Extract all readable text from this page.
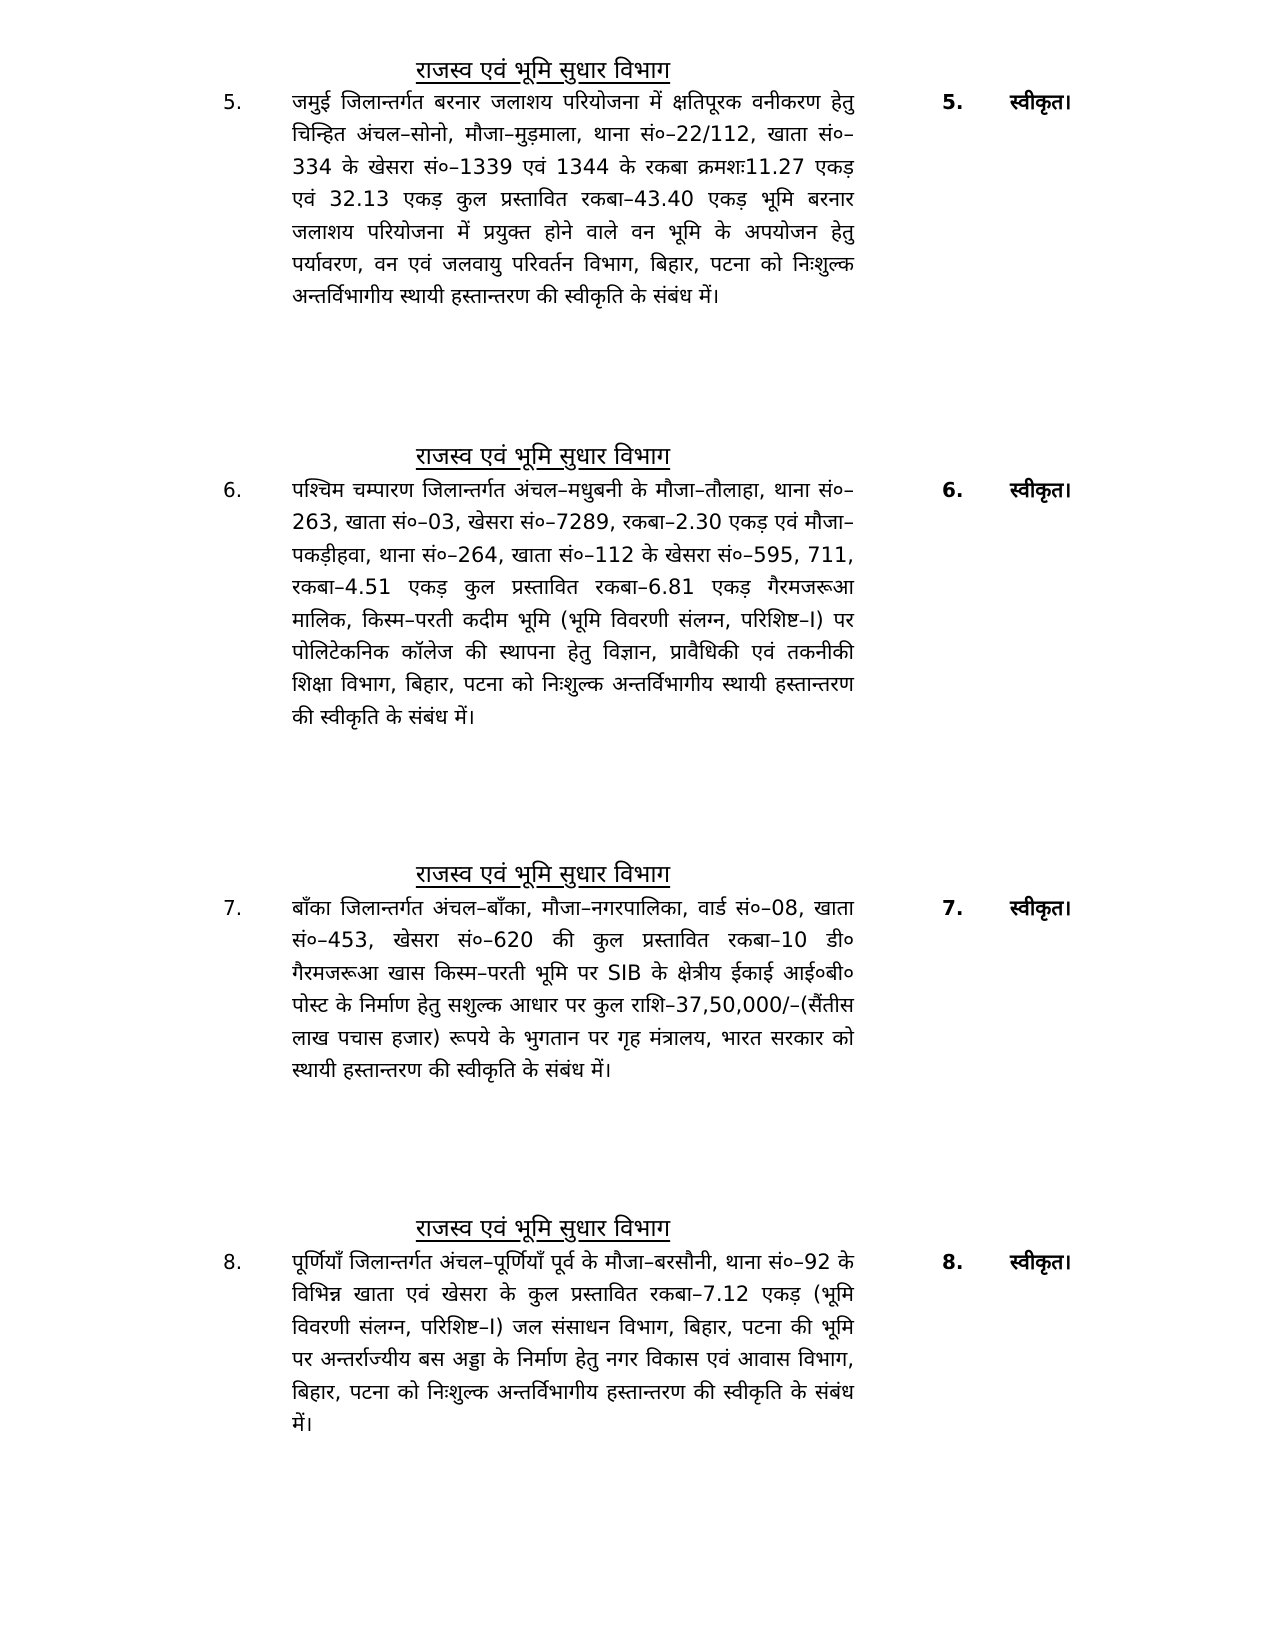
राजस्व एवं भूमि सुधार विभाग
5. जमुई जिलान्तर्गत बरनार जलाशय परियोजना में क्षतिपूरक वनीकरण हेतु चिन्हित अंचल–सोनो, मौजा–मुड़माला, थाना सं०–22/112, खाता सं०–334 के खेसरा सं०–1339 एवं 1344 के रकबा क्रमशः11.27 एकड़ एवं 32.13 एकड़ कुल प्रस्तावित रकबा–43.40 एकड़ भूमि बरनार जलाशय परियोजना में प्रयुक्त होने वाले वन भूमि के अपयोजन हेतु पर्यावरण, वन एवं जलवायु परिवर्तन विभाग, बिहार, पटना को निःशुल्क अन्तर्विभागीय स्थायी हस्तान्तरण की स्वीकृति के संबंध में।

5. स्वीकृत।
राजस्व एवं भूमि सुधार विभाग
6. पश्चिम चम्पारण जिलान्तर्गत अंचल–मधुबनी के मौजा–तौलाहा, थाना सं०–263, खाता सं०–03, खेसरा सं०–7289, रकबा–2.30 एकड़ एवं मौजा–पकड़ीहवा, थाना सं०–264, खाता सं०–112 के खेसरा सं०–595, 711, रकबा–4.51 एकड़ कुल प्रस्तावित रकबा–6.81 एकड़ गैरमजरूआ मालिक, किस्म–परती कदीम भूमि (भूमि विवरणी संलग्न, परिशिष्ट–I) पर पोलिटेकनिक कॉलेज की स्थापना हेतु विज्ञान, प्रावैधिकी एवं तकनीकी शिक्षा विभाग, बिहार, पटना को निःशुल्क अन्तर्विभागीय स्थायी हस्तान्तरण की स्वीकृति के संबंध में।

6. स्वीकृत।
राजस्व एवं भूमि सुधार विभाग
7. बाँका जिलान्तर्गत अंचल–बाँका, मौजा–नगरपालिका, वार्ड सं०–08, खाता सं०–453, खेसरा सं०–620 की कुल प्रस्तावित रकबा–10 डी० गैरमजरूआ खास किस्म–परती भूमि पर SIB के क्षेत्रीय ईकाई आई०बी० पोस्ट के निर्माण हेतु सशुल्क आधार पर कुल राशि–37,50,000/–(सैंतीस लाख पचास हजार) रूपये के भुगतान पर गृह मंत्रालय, भारत सरकार को स्थायी हस्तान्तरण की स्वीकृति के संबंध में।

7. स्वीकृत।
राजस्व एवं भूमि सुधार विभाग
8. पूर्णियाँ जिलान्तर्गत अंचल–पूर्णियाँ पूर्व के मौजा–बरसौनी, थाना सं०–92 के विभिन्न खाता एवं खेसरा के कुल प्रस्तावित रकबा–7.12 एकड़ (भूमि विवरणी संलग्न, परिशिष्ट–I) जल संसाधन विभाग, बिहार, पटना की भूमि पर अन्तर्राज्यीय बस अड्डा के निर्माण हेतु नगर विकास एवं आवास विभाग, बिहार, पटना को निःशुल्क अन्तर्विभागीय हस्तान्तरण की स्वीकृति के संबंध में।

8. स्वीकृत।
